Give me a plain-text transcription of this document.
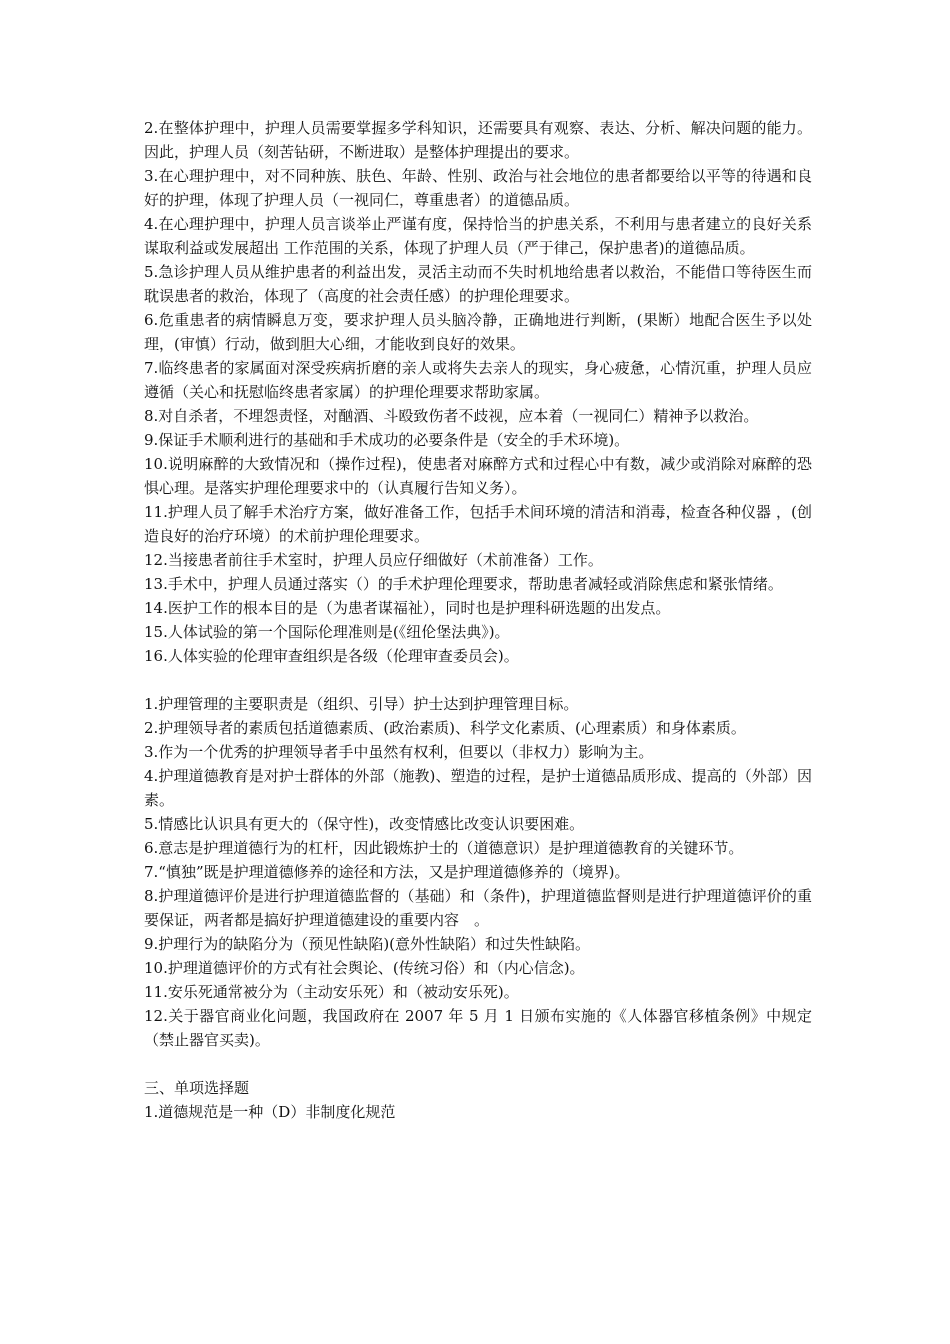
2.在整体护理中，护理人员需要掌握多学科知识，还需要具有观察、表达、分析、解决问题的能力。因此，护理人员（刻苦钻研，不断进取）是整体护理提出的要求。

3.在心理护理中，对不同种族、肤色、年龄、性别、政治与社会地位的患者都要给以平等的待遇和良好的护理，体现了护理人员（一视同仁，尊重患者）的道德品质。

4.在心理护理中，护理人员言谈举止严谨有度，保持恰当的护患关系，不利用与患者建立的良好关系谋取利益或发展超出 工作范围的关系，体现了护理人员（严于律己，保护患者)的道德品质。

5.急诊护理人员从维护患者的利益出发，灵活主动而不失时机地给患者以救治，不能借口等待医生而耽误患者的救治，体现了（高度的社会责任感）的护理伦理要求。

6.危重患者的病情瞬息万变，要求护理人员头脑冷静，正确地进行判断，(果断）地配合医生予以处理，(审慎）行动，做到胆大心细，才能收到良好的效果。

7.临终患者的家属面对深受疾病折磨的亲人或将失去亲人的现实，身心疲惫，心情沉重，护理人员应遵循（关心和抚慰临终患者家属）的护理伦理要求帮助家属。

8.对自杀者，不埋怨责怪，对酗酒、斗殴致伤者不歧视，应本着（一视同仁）精神予以救治。

9.保证手术顺利进行的基础和手术成功的必要条件是（安全的手术环境)。

10.说明麻醉的大致情况和（操作过程)，使患者对麻醉方式和过程心中有数，减少或消除对麻醉的恐惧心理。是落实护理伦理要求中的（认真履行告知义务）。

11.护理人员了解手术治疗方案，做好准备工作，包括手术间环境的清洁和消毒，检查各种仪器 ，(创造良好的治疗环境）的术前护理伦理要求。

12.当接患者前往手术室时，护理人员应仔细做好（术前准备）工作。

13.手术中，护理人员通过落实（）的手术护理伦理要求，帮助患者减轻或消除焦虑和紧张情绪。

14.医护工作的根本目的是（为患者谋福祉），同时也是护理科研选题的出发点。

15.人体试验的第一个国际伦理准则是(《纽伦堡法典》)。

16.人体实验的伦理审查组织是各级（伦理审查委员会)。

1.护理管理的主要职责是（组织、引导）护士达到护理管理目标。

2.护理领导者的素质包括道德素质、(政治素质)、科学文化素质、(心理素质）和身体素质。

3.作为一个优秀的护理领导者手中虽然有权利，但要以（非权力）影响为主。

4.护理道德教育是对护士群体的外部（施教)、塑造的过程，是护士道德品质形成、提高的（外部）因素。

5.情感比认识具有更大的（保守性)，改变情感比改变认识要困难。

6.意志是护理道德行为的杠杆，因此锻炼护士的（道德意识）是护理道德教育的关键环节。

7.“慎独”既是护理道德修养的途径和方法，又是护理道德修养的（境界)。

8.护理道德评价是进行护理道德监督的（基础）和（条件)，护理道德监督则是进行护理道德评价的重要保证，两者都是搞好护理道德建设的重要内容　。

9.护理行为的缺陷分为（预见性缺陷)(意外性缺陷）和过失性缺陷。

10.护理道德评价的方式有社会舆论、(传统习俗）和（内心信念)。

11.安乐死通常被分为（主动安乐死）和（被动安乐死)。

12.关于器官商业化问题，我国政府在 2007 年 5 月 1 日颁布实施的《人体器官移植条例》中规定（禁止器官买卖)。

三、单项选择题

1.道德规范是一种（D）非制度化规范
